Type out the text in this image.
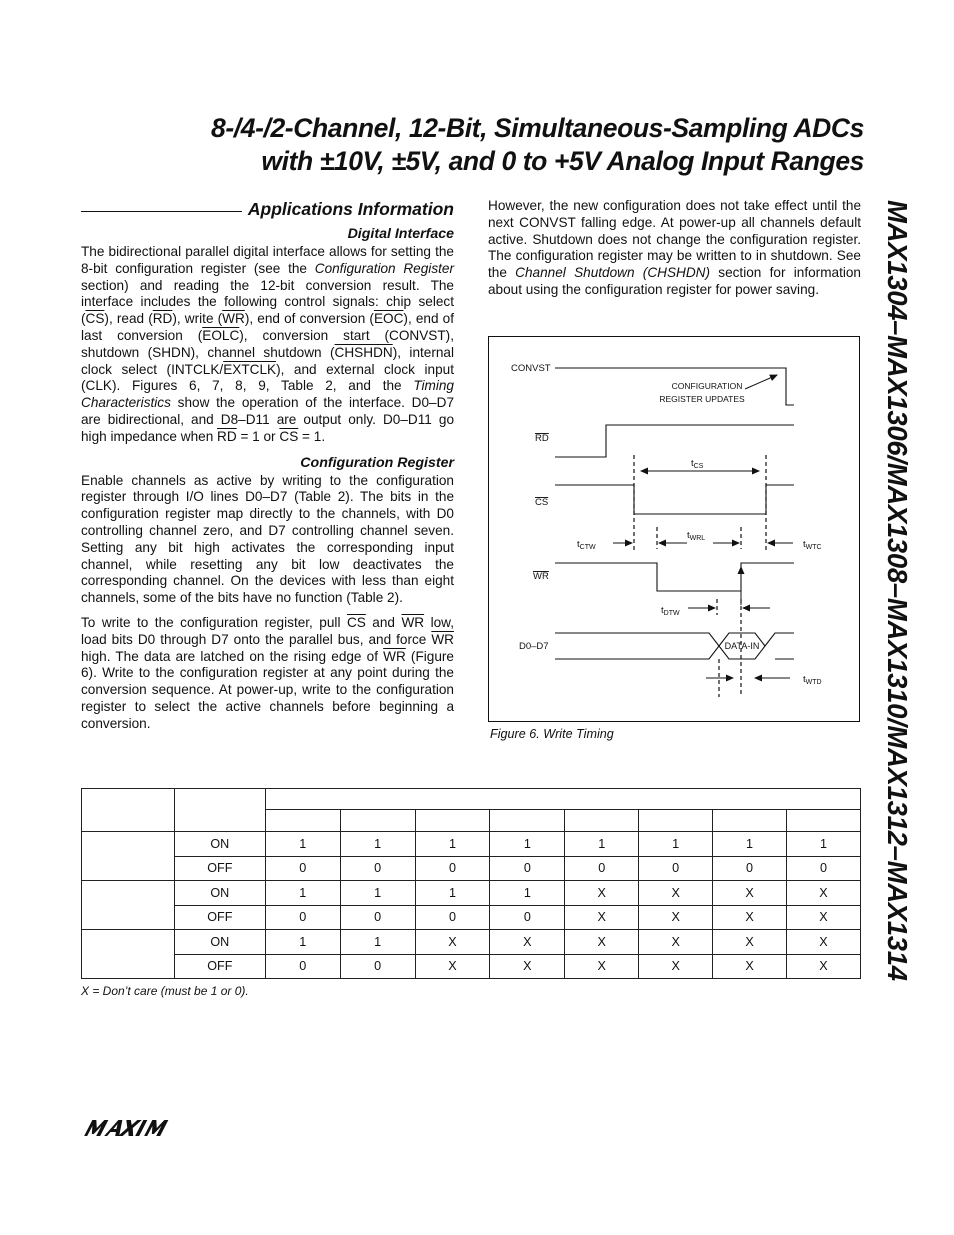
8-/4-/2-Channel, 12-Bit, Simultaneous-Sampling ADCs
with ±10V, ±5V, and 0 to +5V Analog Input Ranges
MAX1304–MAX1306/MAX1308–MAX1310/MAX1312–MAX1314
Applications Information
Digital Interface

The bidirectional parallel digital interface allows for setting the 8-bit configuration register (see the Configuration Register section) and reading the 12-bit conversion result. The interface includes the following control signals: chip select $(\overline{CS})$, read $(\overline{RD})$, write $(\overline{WR})$, end of conversion $(\overline{EOC})$, end of last conversion (EOLC), conversion start (CONVST), shutdown (SHDN), channel shutdown (CHSHDN), internal clock select (INTCLK/EXTCLK), and external clock input (CLK). Figures 6, 7, 8, 9, Table 2, and the Timing Characteristics show the operation of the interface. D0–D7 are bidirectional, and D8–D11 are output only. D0–D11 go high impedance when $\overline{RD} = 1$ or $\overline{CS} = 1$.

Configuration Register

Enable channels as active by writing to the configuration register through I/O lines D0–D7 (Table 2). The bits in the configuration register map directly to the channels, with D0 controlling channel zero, and D7 controlling channel seven. Setting any bit high activates the corresponding input channel, while resetting any bit low deactivates the corresponding channel. On the devices with less than eight channels, some of the bits have no function (Table 2).

To write to the configuration register, pull $\overline{CS}$ and $\overline{WR}$ low, load bits D0 through D7 onto the parallel bus, and force $\overline{WR}$ high. The data are latched on the rising edge of $\overline{WR}$ (Figure 6). Write to the configuration register at any point during the conversion sequence. At power-up, write to the configuration register to select the active channels before beginning a conversion.

However, the new configuration does not take effect until the next CONVST falling edge. At power-up all channels default active. Shutdown does not change the configuration register. The configuration register may be written to in shutdown. See the Channel Shutdown (CHSHDN) section for information about using the configuration register for power saving.

CONVST
RD
CS
WR
D0–D7
CONFIGURATION
REGISTER UPDATES
DATA-IN
$t_{CS}$
$t_{CTW}$
$t_{WRL}$
$t_{WTC}$
$t_{DTW}$
$t_{WTD}$
Figure 6. Write Timing

	ON	1	1	1	1	1	1	1	1
	OFF	0	0	0	0	0	0	0	0
	ON	1	1	1	1	X	X	X	X
	OFF	0	0	0	0	X	X	X	X
	ON	1	1	X	X	X	X	X	X
	OFF	0	0	X	X	X	X	X	X
X = Don’t care (must be 1 or 0).
